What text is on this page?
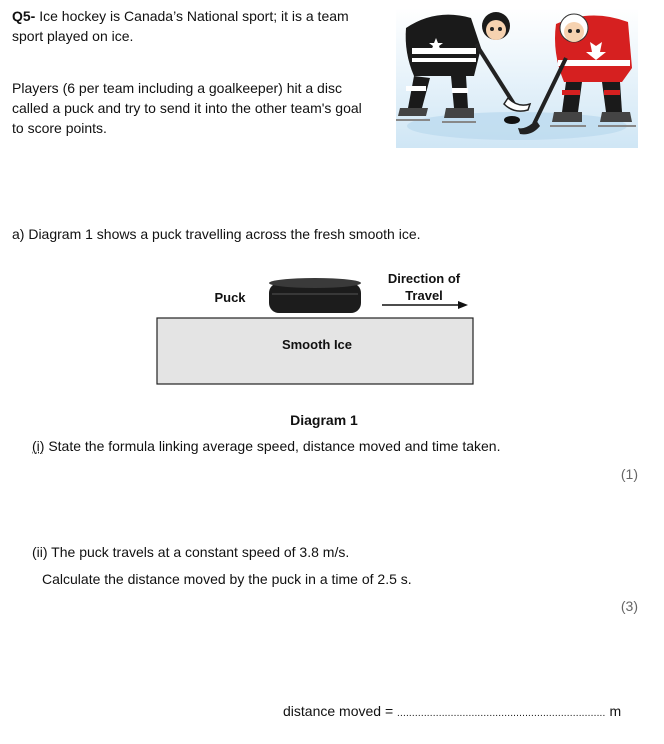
Q5- Ice hockey is Canada’s National sport; it is a team
sport played on ice.
Players (6 per team including a goalkeeper) hit a disc
called a puck and try to send it into the other team's goal
to score points.
a) Diagram 1 shows a puck travelling across the fresh smooth ice.
Puck
Direction of
Travel
Smooth Ice
Diagram 1
(i) State the formula linking average speed, distance moved and time taken.
(1)
(ii) The puck travels at a constant speed of 3.8 m/s.
Calculate the distance moved by the puck in a time of 2.5 s.
(3)
distance moved = ...................................................................... m
